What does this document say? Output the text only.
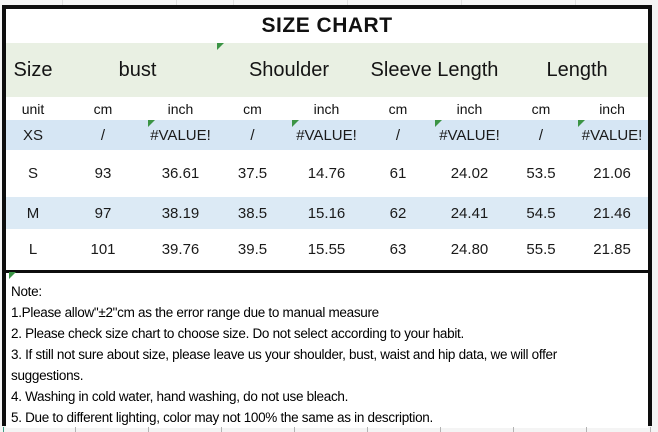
SIZE CHART								
Size	bust		Shoulder		Sleeve Length		Length	
unit	cm	inch	cm	inch	cm	inch	cm	inch
XS	/	#VALUE!	/	#VALUE!	/	#VALUE!	/	#VALUE!
S	93	36.61	37.5	14.76	61	24.02	53.5	21.06
M	97	38.19	38.5	15.16	62	24.41	54.5	21.46
L	101	39.76	39.5	15.55	63	24.80	55.5	21.85
Note:
1.Please allow"±2"cm as the error range due to manual measure
2. Please check size chart to choose size. Do not select according to your habit.
3. If still not sure about size, please leave us your shoulder, bust, waist and hip data, we will offer
suggestions.
4. Washing in cold water, hand washing, do not use bleach.
5. Due to different lighting, color may not 100% the same as in description.
